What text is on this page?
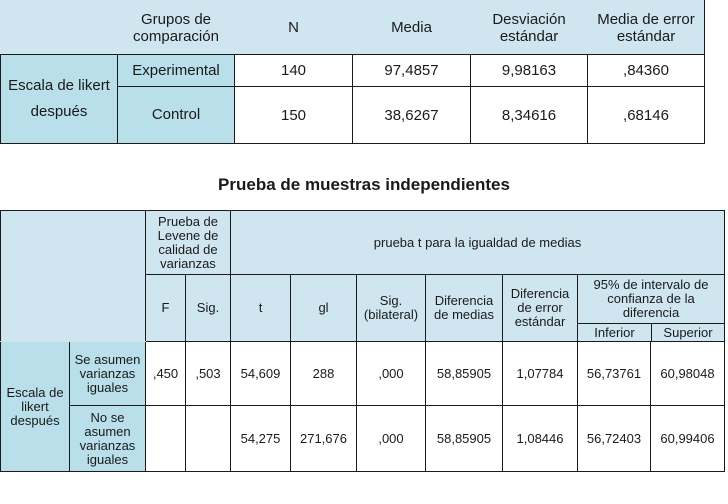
	Grupos de comparación	N	Media	Desviación estándar	Media de error estándar
Escala de likert después	Experimental	140	97,4857	9,98163	,84360
	Control	150	38,6267	8,34616	,68146
Prueba de muestras independientes
		Prueba de Levene de calidad de varianzas		prueba t para la igualdad de medias						
		F	Sig.	t	gl	Sig. (bilateral)	Diferencia de medias	Diferencia de error estándar	95% de intervalo de confianza de la diferencia
Inferior Superior	

Escala de likert después	Se asumen varianzas iguales	,450	,503	54,609	288	,000	58,85905	1,07784	56,73761	60,98048
	No se asumen varianzas iguales			54,275	271,676	,000	58,85905	1,08446	56,72403	60,99406
